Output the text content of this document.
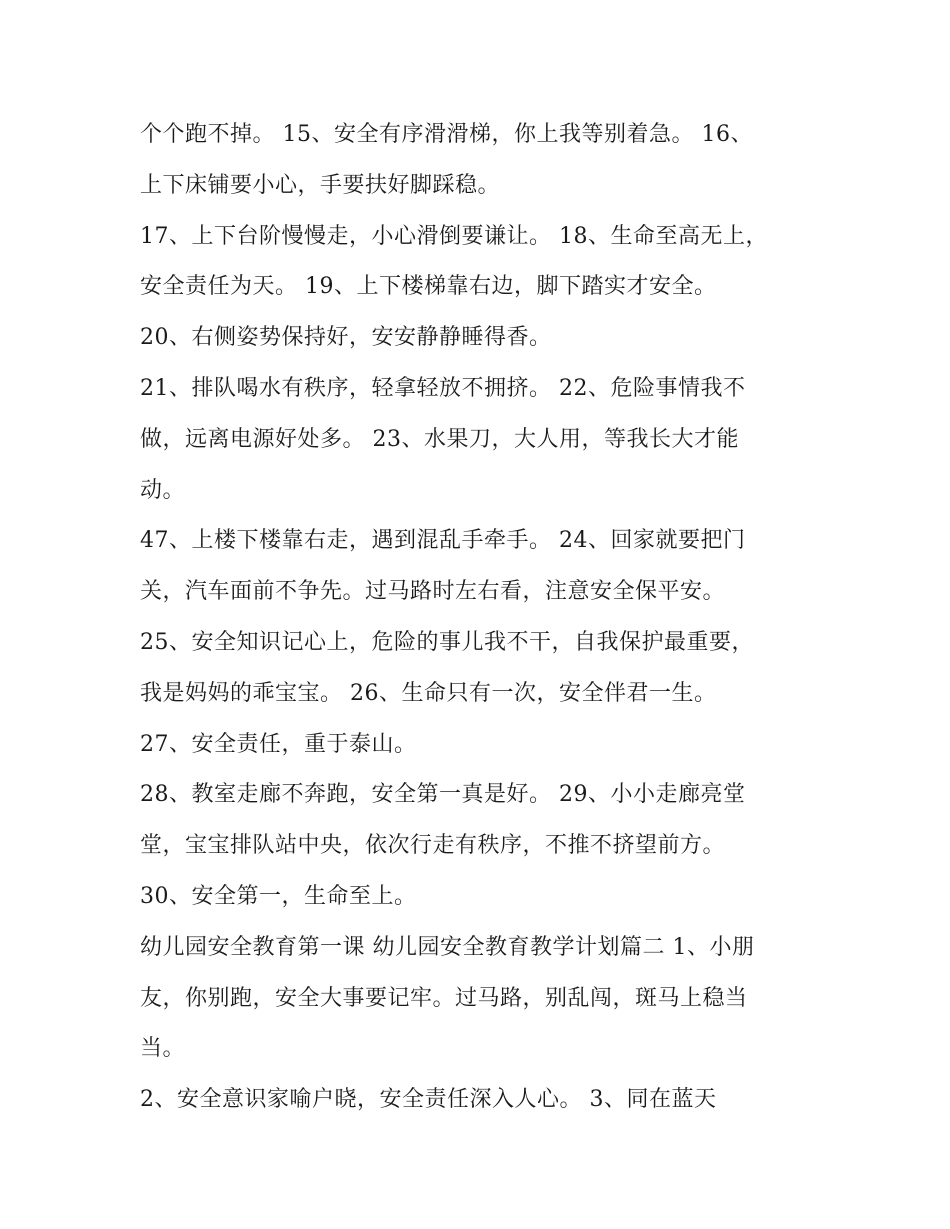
个个跑不掉。 15、安全有序滑滑梯，你上我等别着急。 16、
上下床铺要小心，手要扶好脚踩稳。
17、上下台阶慢慢走，小心滑倒要谦让。 18、生命至高无上，
安全责任为天。 19、上下楼梯靠右边，脚下踏实才安全。
20、右侧姿势保持好，安安静静睡得香。
21、排队喝水有秩序，轻拿轻放不拥挤。 22、危险事情我不
做，远离电源好处多。 23、水果刀，大人用，等我长大才能
动。
47、上楼下楼靠右走，遇到混乱手牵手。 24、回家就要把门
关，汽车面前不争先。过马路时左右看，注意安全保平安。
25、安全知识记心上，危险的事儿我不干，自我保护最重要，
我是妈妈的乖宝宝。 26、生命只有一次，安全伴君一生。
27、安全责任，重于泰山。
28、教室走廊不奔跑，安全第一真是好。 29、小小走廊亮堂
堂，宝宝排队站中央，依次行走有秩序，不推不挤望前方。
30、安全第一，生命至上。
幼儿园安全教育第一课 幼儿园安全教育教学计划篇二 1、小朋
友，你别跑，安全大事要记牢。过马路，别乱闯，斑马上稳当
当。
2、安全意识家喻户晓，安全责任深入人心。 3、同在蓝天
